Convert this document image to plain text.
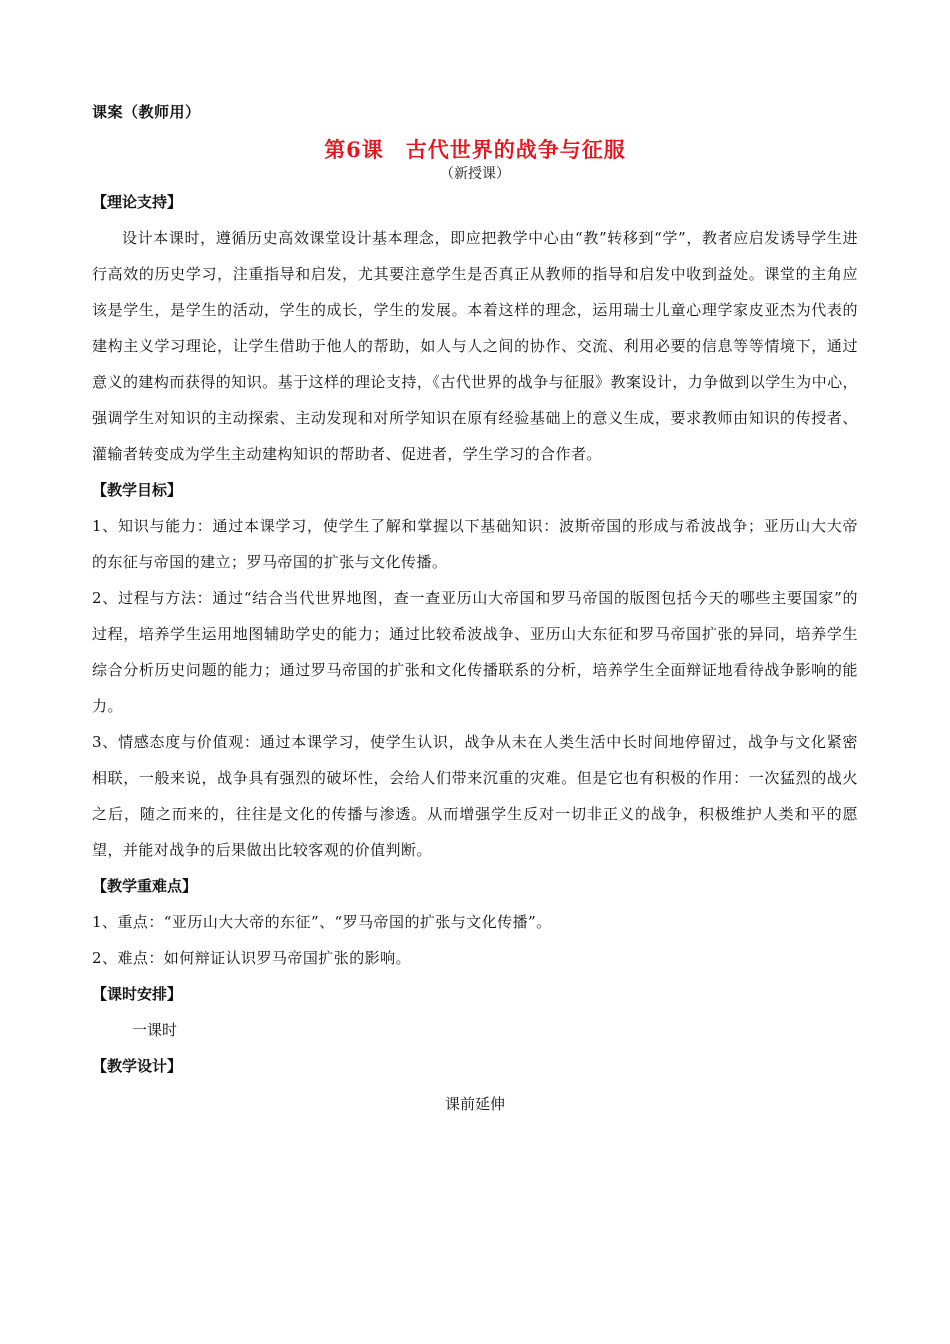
课案（教师用）
第6课　古代世界的战争与征服
（新授课）

【理论支持】

设计本课时，遵循历史高效课堂设计基本理念，即应把教学中心由“教”转移到“学”，教者应启发诱导学生进行高效的历史学习，注重指导和启发，尤其要注意学生是否真正从教师的指导和启发中收到益处。课堂的主角应该是学生，是学生的活动，学生的成长，学生的发展。本着这样的理念，运用瑞士儿童心理学家皮亚杰为代表的建构主义学习理论，让学生借助于他人的帮助，如人与人之间的协作、交流、利用必要的信息等等情境下，通过意义的建构而获得的知识。基于这样的理论支持，《古代世界的战争与征服》教案设计，力争做到以学生为中心，强调学生对知识的主动探索、主动发现和对所学知识在原有经验基础上的意义生成，要求教师由知识的传授者、灌输者转变成为学生主动建构知识的帮助者、促进者，学生学习的合作者。

【教学目标】

1、知识与能力：通过本课学习，使学生了解和掌握以下基础知识：波斯帝国的形成与希波战争；亚历山大大帝的东征与帝国的建立；罗马帝国的扩张与文化传播。

2、过程与方法：通过“结合当代世界地图，查一查亚历山大帝国和罗马帝国的版图包括今天的哪些主要国家”的过程，培养学生运用地图辅助学史的能力；通过比较希波战争、亚历山大东征和罗马帝国扩张的异同，培养学生综合分析历史问题的能力；通过罗马帝国的扩张和文化传播联系的分析，培养学生全面辩证地看待战争影响的能力。

3、情感态度与价值观：通过本课学习，使学生认识，战争从未在人类生活中长时间地停留过，战争与文化紧密相联，一般来说，战争具有强烈的破坏性，会给人们带来沉重的灾难。但是它也有积极的作用：一次猛烈的战火之后，随之而来的，往往是文化的传播与渗透。从而增强学生反对一切非正义的战争，积极维护人类和平的愿望，并能对战争的后果做出比较客观的价值判断。

【教学重难点】

1、重点：“亚历山大大帝的东征”、“罗马帝国的扩张与文化传播”。

2、难点：如何辩证认识罗马帝国扩张的影响。

【课时安排】

一课时

【教学设计】

课前延伸
